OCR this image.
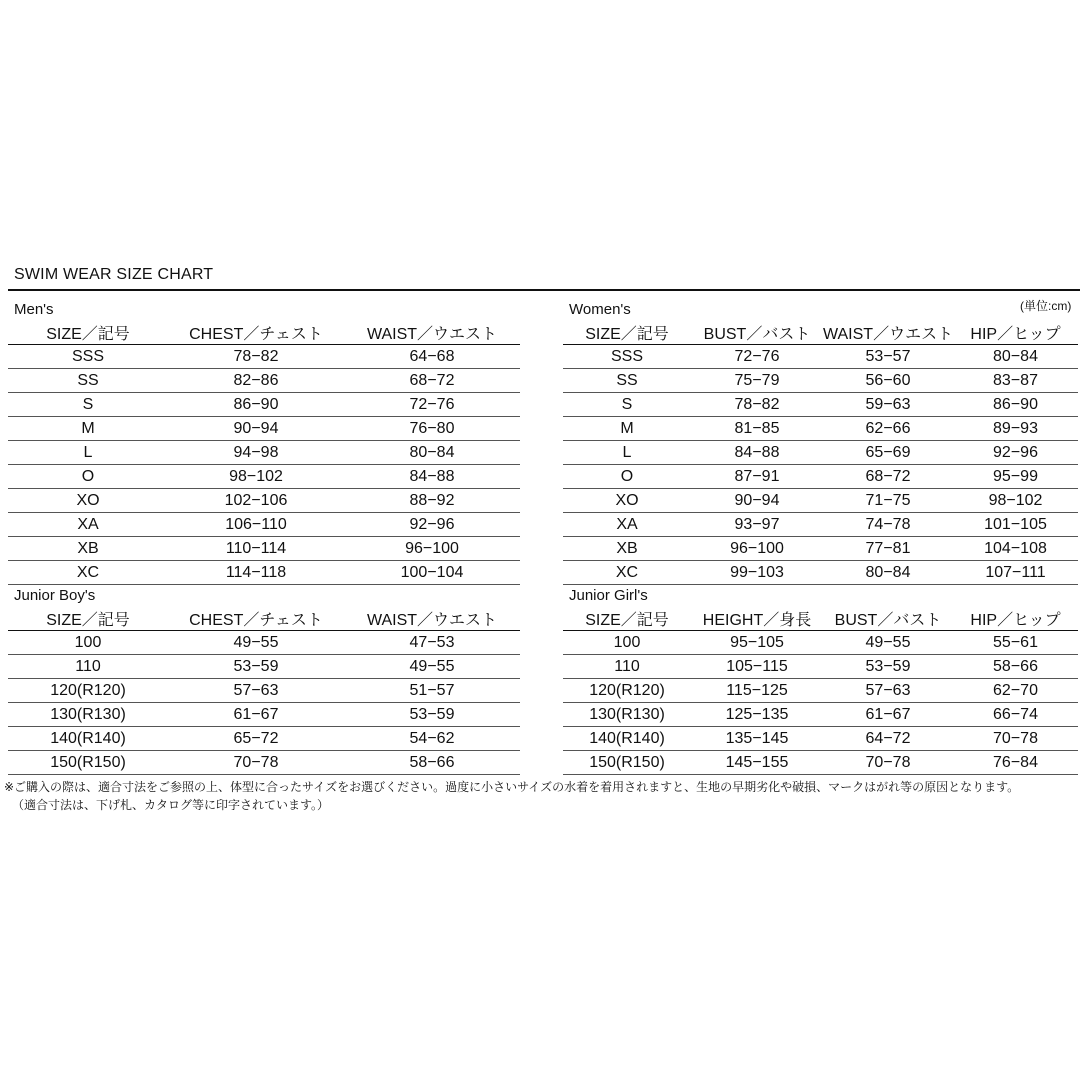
SWIM WEAR SIZE CHART
(単位:cm)
Men's
SIZE／記号	CHEST／チェスト	WAIST／ウエスト
SSS	78−82	64−68
SS	82−86	68−72
S	86−90	72−76
M	90−94	76−80
L	94−98	80−84
O	98−102	84−88
XO	102−106	88−92
XA	106−110	92−96
XB	110−114	96−100
XC	114−118	100−104
Women's
SIZE／記号	BUST／バスト	WAIST／ウエスト	HIP／ヒップ
SSS	72−76	53−57	80−84
SS	75−79	56−60	83−87
S	78−82	59−63	86−90
M	81−85	62−66	89−93
L	84−88	65−69	92−96
O	87−91	68−72	95−99
XO	90−94	71−75	98−102
XA	93−97	74−78	101−105
XB	96−100	77−81	104−108
XC	99−103	80−84	107−111
Junior Boy's
SIZE／記号	CHEST／チェスト	WAIST／ウエスト
100	49−55	47−53
110	53−59	49−55
120(R120)	57−63	51−57
130(R130)	61−67	53−59
140(R140)	65−72	54−62
150(R150)	70−78	58−66
Junior Girl's
SIZE／記号	HEIGHT／身長	BUST／バスト	HIP／ヒップ
100	95−105	49−55	55−61
110	105−115	53−59	58−66
120(R120)	115−125	57−63	62−70
130(R130)	125−135	61−67	66−74
140(R140)	135−145	64−72	70−78
150(R150)	145−155	70−78	76−84
※ご購入の際は、適合寸法をご参照の上、体型に合ったサイズをお選びください。過度に小さいサイズの水着を着用されますと、生地の早期劣化や破損、マークはがれ等の原因となります。
（適合寸法は、下げ札、カタログ等に印字されています。）
